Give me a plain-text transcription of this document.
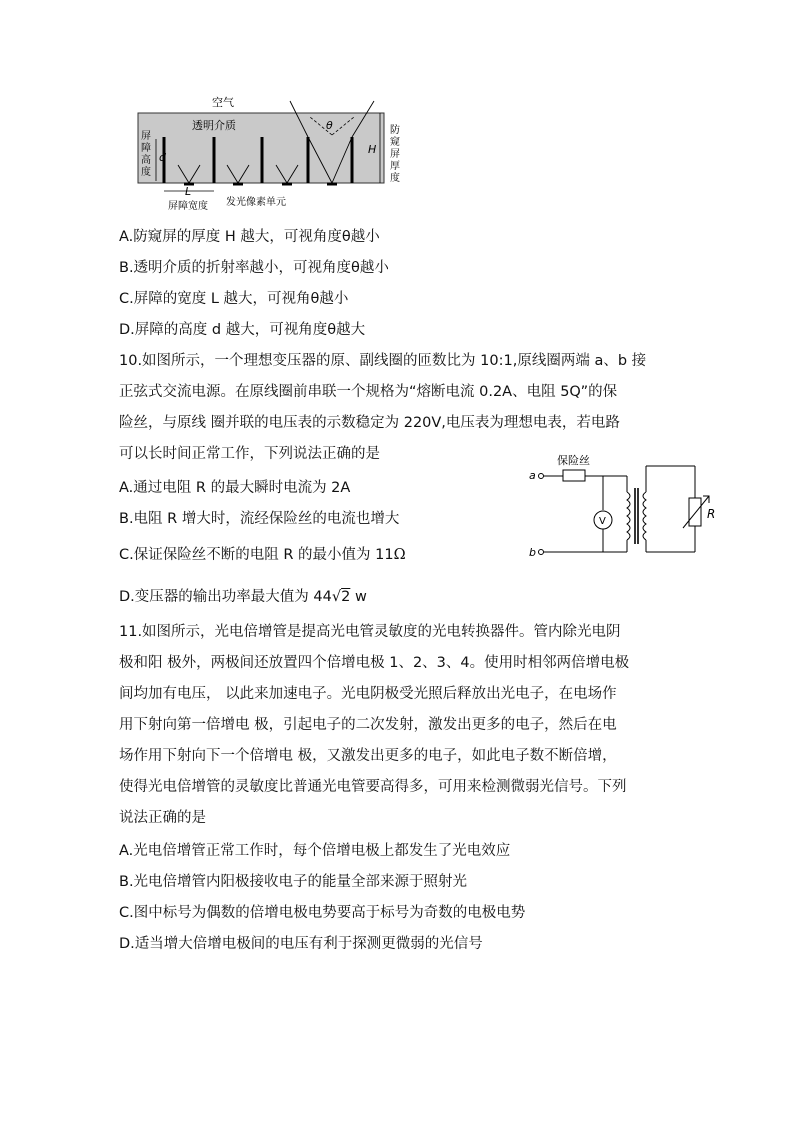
空气
透明介质
屏
障
高
度
d
θ
H
防
窥
屏
厚
度
L
屏障宽度 发光像素单元
A.防窥屏的厚度 H 越大，可视角度θ越小
B.透明介质的折射率越小，可视角度θ越小
C.屏障的宽度 L 越大，可视角θ越小
D.屏障的高度 d 越大，可视角度θ越大
10.如图所示，一个理想变压器的原、副线圈的匝数比为 10:1,原线圈两端 a、b 接
正弦式交流电源。在原线圈前串联一个规格为“熔断电流 0.2A、电阻 5Q”的保
险丝，与原线 圈并联的电压表的示数稳定为 220V,电压表为理想电表，若电路
可以长时间正常工作，下列说法正确的是
A.通过电阻 R 的最大瞬时电流为 2A
B.电阻 R 增大时，流经保险丝的电流也增大
C.保证保险丝不断的电阻 R 的最小值为 11Ω
D.变压器的输出功率最大值为 44√2 w
a
b
保险丝
V
R
11.如图所示，光电倍增管是提高光电管灵敏度的光电转换器件。管内除光电阴
极和阳 极外，两极间还放置四个倍增电极 1、2、3、4。使用时相邻两倍增电极
间均加有电压， 以此来加速电子。光电阴极受光照后释放出光电子，在电场作
用下射向第一倍增电 极，引起电子的二次发射，激发出更多的电子，然后在电
场作用下射向下一个倍增电 极，又激发出更多的电子，如此电子数不断倍增，
使得光电倍增管的灵敏度比普通光电管要高得多，可用来检测微弱光信号。下列
说法正确的是
A.光电倍增管正常工作时，每个倍增电极上都发生了光电效应
B.光电倍增管内阳极接收电子的能量全部来源于照射光
C.图中标号为偶数的倍增电极电势要高于标号为奇数的电极电势
D.适当增大倍增电极间的电压有利于探测更微弱的光信号
